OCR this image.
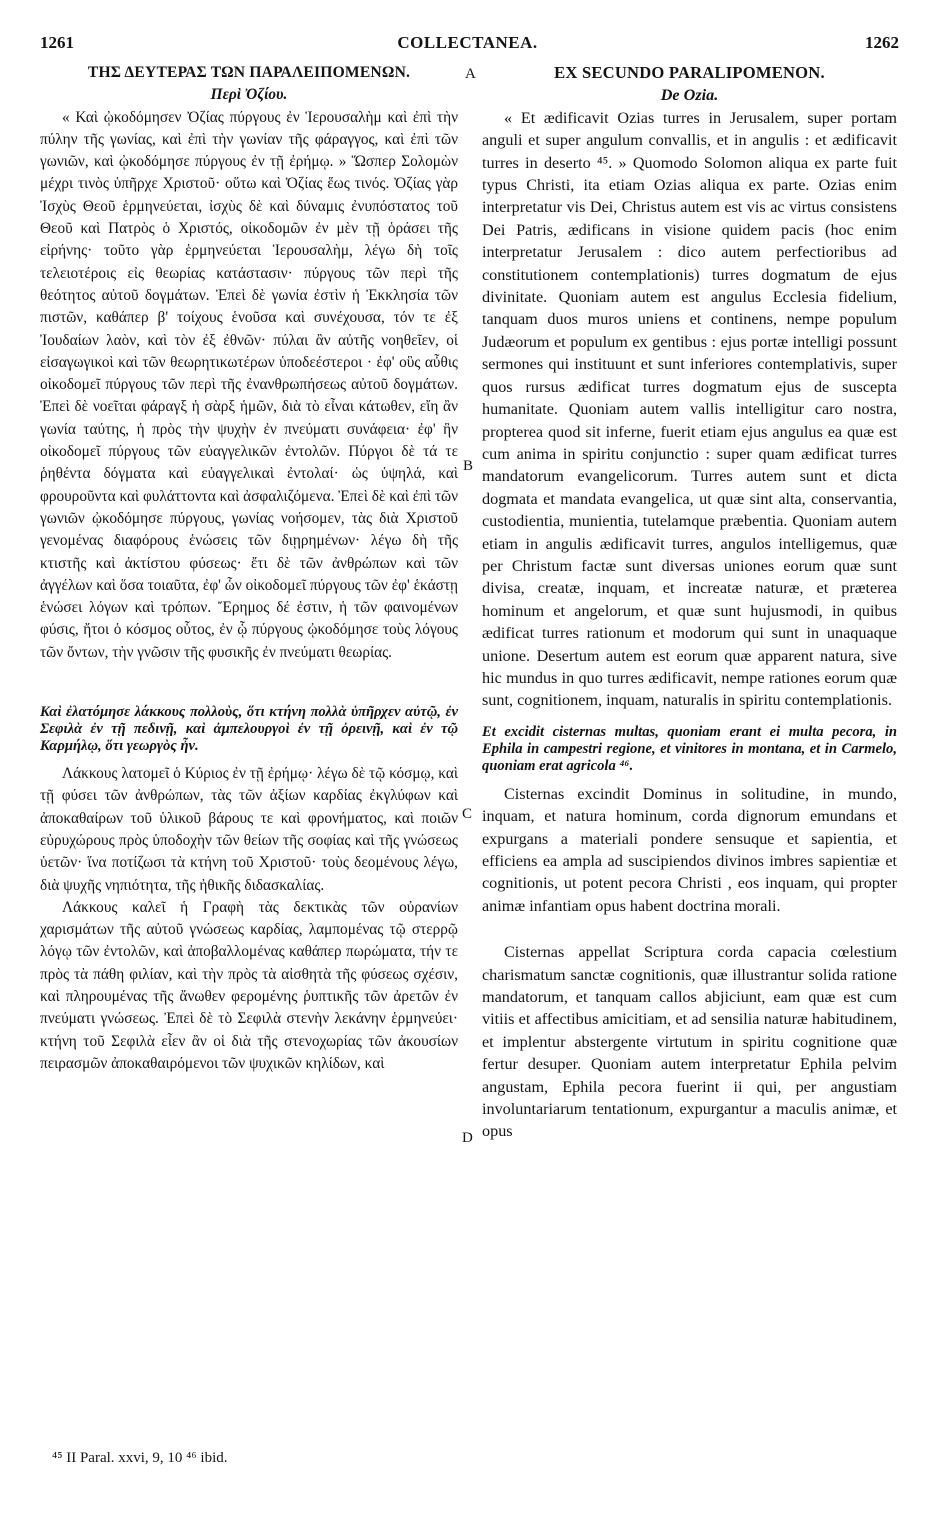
1261	COLLECTANEA.	1262

ΤΗΣ ΔΕΥΤΕΡΑΣ ΤΩΝ ΠΑΡΑΛΕΙΠΟΜΕΝΩΝ.

Περὶ Ὀζίου.

« Καὶ ᾠκοδόμησεν Ὀζίας πύργους ἐν Ἱερουσαλὴμ καὶ ἐπὶ τὴν πύλην τῆς γωνίας, καὶ ἐπὶ τὴν γωνίαν τῆς φάραγγος, καὶ ἐπὶ τῶν γωνιῶν, καὶ ᾠκοδόμησε πύργους ἐν τῇ ἐρήμῳ. » Ὥσπερ Σολομὼν μέχρι τινὸς ὑπῆρχε Χριστοῦ· οὕτω καὶ Ὀζίας ἕως τινός. Ὀζίας γὰρ Ἰσχὺς Θεοῦ ἑρμηνεύεται, ἰσχὺς δὲ καὶ δύναμις ἐνυπόστατος τοῦ Θεοῦ καὶ Πατρὸς ὁ Χριστός, οἰκοδομῶν ἐν μὲν τῇ ὁράσει τῆς εἰρήνης· τοῦτο γὰρ ἑρμηνεύεται Ἱερουσαλὴμ, λέγω δὴ τοῖς τελειοτέροις εἰς θεωρίας κατάστασιν· πύργους τῶν περὶ τῆς θεότητος αὐτοῦ δογμάτων. Ἐπεὶ δὲ γωνία ἐστὶν ἡ Ἐκκλησία τῶν πιστῶν, καθάπερ β' τοίχους ἑνοῦσα καὶ συνέχουσα, τόν τε ἐξ Ἰουδαίων λαὸν, καὶ τὸν ἐξ ἐθνῶν· πύλαι ἂν αὐτῆς νοηθεῖεν, οἱ εἰσαγωγικοὶ καὶ τῶν θεωρητικωτέρων ὑποδεέστεροι · ἐφ' οὓς αὖθις οἰκοδομεῖ πύργους τῶν περὶ τῆς ἐνανθρωπήσεως αὐτοῦ δογμάτων. Ἐπεὶ δὲ νοεῖται φάραγξ ἡ σὰρξ ἡμῶν, διὰ τὸ εἶναι κάτωθεν, εἴη ἂν γωνία ταύτης, ἡ πρὸς τὴν ψυχὴν ἐν πνεύματι συνάφεια· ἐφ' ἣν οἰκοδομεῖ πύργους τῶν εὐαγγελικῶν ἐντολῶν. Πύργοι δὲ τά τε ῥηθέντα δόγματα καὶ εὐαγγελικαὶ ἐντολαί· ὡς ὑψηλά, καὶ φρουροῦντα καὶ φυλάττοντα καὶ ἀσφαλιζόμενα. Ἐπεὶ δὲ καὶ ἐπὶ τῶν γωνιῶν ᾠκοδόμησε πύργους, γωνίας νοήσομεν, τὰς διὰ Χριστοῦ γενομένας διαφόρους ἑνώσεις τῶν διῃρημένων· λέγω δὴ τῆς κτιστῆς καὶ ἀκτίστου φύσεως· ἔτι δὲ τῶν ἀνθρώπων καὶ τῶν ἀγγέλων καὶ ὅσα τοιαῦτα, ἐφ' ὧν οἰκοδομεῖ πύργους τῶν ἐφ' ἑκάστῃ ἑνώσει λόγων καὶ τρόπων. Ἔρημος δέ ἐστιν, ἡ τῶν φαινομένων φύσις, ἤτοι ὁ κόσμος οὗτος, ἐν ᾧ πύργους ᾠκοδόμησε τοὺς λόγους τῶν ὄντων, τὴν γνῶσιν τῆς φυσικῆς ἐν πνεύματι θεωρίας.

Καὶ ἐλατόμησε λάκκους πολλοὺς, ὅτι κτήνη πολλὰ ὑπῆρχεν αὐτῷ, ἐν Σεφιλὰ ἐν τῇ πεδινῇ, καὶ ἀμπελουργοὶ ἐν τῇ ὀρεινῇ, καὶ ἐν τῷ Καρμήλῳ, ὅτι γεωργὸς ἦν.

Λάκκους λατομεῖ ὁ Κύριος ἐν τῇ ἐρήμῳ· λέγω δὲ τῷ κόσμῳ, καὶ τῇ φύσει τῶν ἀνθρώπων, τὰς τῶν ἀξίων καρδίας ἐκγλύφων καὶ ἀποκαθαίρων τοῦ ὑλικοῦ βάρους τε καὶ φρονήματος, καὶ ποιῶν εὐρυχώρους πρὸς ὑποδοχὴν τῶν θείων τῆς σοφίας καὶ τῆς γνώσεως ὑετῶν· ἵνα ποτίζωσι τὰ κτήνη τοῦ Χριστοῦ· τοὺς δεομένους λέγω, διὰ ψυχῆς νηπιότητα, τῆς ἠθικῆς διδασκαλίας.

Λάκκους καλεῖ ἡ Γραφὴ τὰς δεκτικὰς τῶν οὐρανίων χαρισμάτων τῆς αὐτοῦ γνώσεως καρδίας, λαμπομένας τῷ στερρῷ λόγῳ τῶν ἐντολῶν, καὶ ἀποβαλλομένας καθάπερ πωρώματα, τήν τε πρὸς τὰ πάθη φιλίαν, καὶ τὴν πρὸς τὰ αἰσθητὰ τῆς φύσεως σχέσιν, καὶ πληρουμένας τῆς ἄνωθεν φερομένης ῥυπτικῆς τῶν ἀρετῶν ἐν πνεύματι γνώσεως. Ἐπεὶ δὲ τὸ Σεφιλὰ στενὴν λεκάνην ἑρμηνεύει· κτήνη τοῦ Σεφιλὰ εἶεν ἂν οἱ διὰ τῆς στενοχωρίας τῶν ἀκουσίων πειρασμῶν ἀποκαθαιρόμενοι τῶν ψυχικῶν κηλίδων, καὶ

EX SECUNDO PARALIPOMENON.

De Ozia.

« Et ædificavit Ozias turres in Jerusalem, super portam anguli et super angulum convallis, et in angulis : et ædificavit turres in deserto ⁴⁵. » Quomodo Solomon aliqua ex parte fuit typus Christi, ita etiam Ozias aliqua ex parte. Ozias enim interpretatur vis Dei, Christus autem est vis ac virtus consistens Dei Patris, ædificans in visione quidem pacis (hoc enim interpretatur Jerusalem : dico autem perfectioribus ad constitutionem contemplationis) turres dogmatum de ejus divinitate. Quoniam autem est angulus Ecclesia fidelium, tanquam duos muros uniens et continens, nempe populum Judæorum et populum ex gentibus : ejus portæ intelligi possunt sermones qui instituunt et sunt inferiores contemplativis, super quos rursus ædificat turres dogmatum ejus de suscepta humanitate. Quoniam autem vallis intelligitur caro nostra, propterea quod sit inferne, fuerit etiam ejus angulus ea quæ est cum anima in spiritu conjunctio : super quam ædificat turres mandatorum evangelicorum. Turres autem sunt et dicta dogmata et mandata evangelica, ut quæ sint alta, conservantia, custodientia, munientia, tutelamque præbentia. Quoniam autem etiam in angulis ædificavit turres, angulos intelligemus, quæ per Christum factæ sunt diversas uniones eorum quæ sunt divisa, creatæ, inquam, et increatæ naturæ, et præterea hominum et angelorum, et quæ sunt hujusmodi, in quibus ædificat turres rationum et modorum qui sunt in unaquaque unione. Desertum autem est eorum quæ apparent natura, sive hic mundus in quo turres ædificavit, nempe rationes eorum quæ sunt, cognitionem, inquam, naturalis in spiritu contemplationis.

Et excidit cisternas multas, quoniam erant ei multa pecora, in Ephila in campestri regione, et vinitores in montana, et in Carmelo, quoniam erat agricola ⁴⁶.

Cisternas excindit Dominus in solitudine, in mundo, inquam, et natura hominum, corda dignorum emundans et expurgans a materiali pondere sensuque et sapientia, et efficiens ea ampla ad suscipiendos divinos imbres sapientiæ et cognitionis, ut potent pecora Christi , eos inquam, qui propter animæ infantiam opus habent doctrina morali.

Cisternas appellat Scriptura corda capacia cœlestium charismatum sanctæ cognitionis, quæ illustrantur solida ratione mandatorum, et tanquam callos abjiciunt, eam quæ est cum vitiis et affectibus amicitiam, et ad sensilia naturæ habitudinem, et implentur abstergente virtutum in spiritu cognitione quæ fertur desuper. Quoniam autem interpretatur Ephila pelvim angustam, Ephila pecora fuerint ii qui, per angustiam involuntariarum tentationum, expurgantur a maculis animæ, et opus

A
B
C
D
⁴⁵ II Paral. xxvi, 9, 10 ⁴⁶ ibid.
